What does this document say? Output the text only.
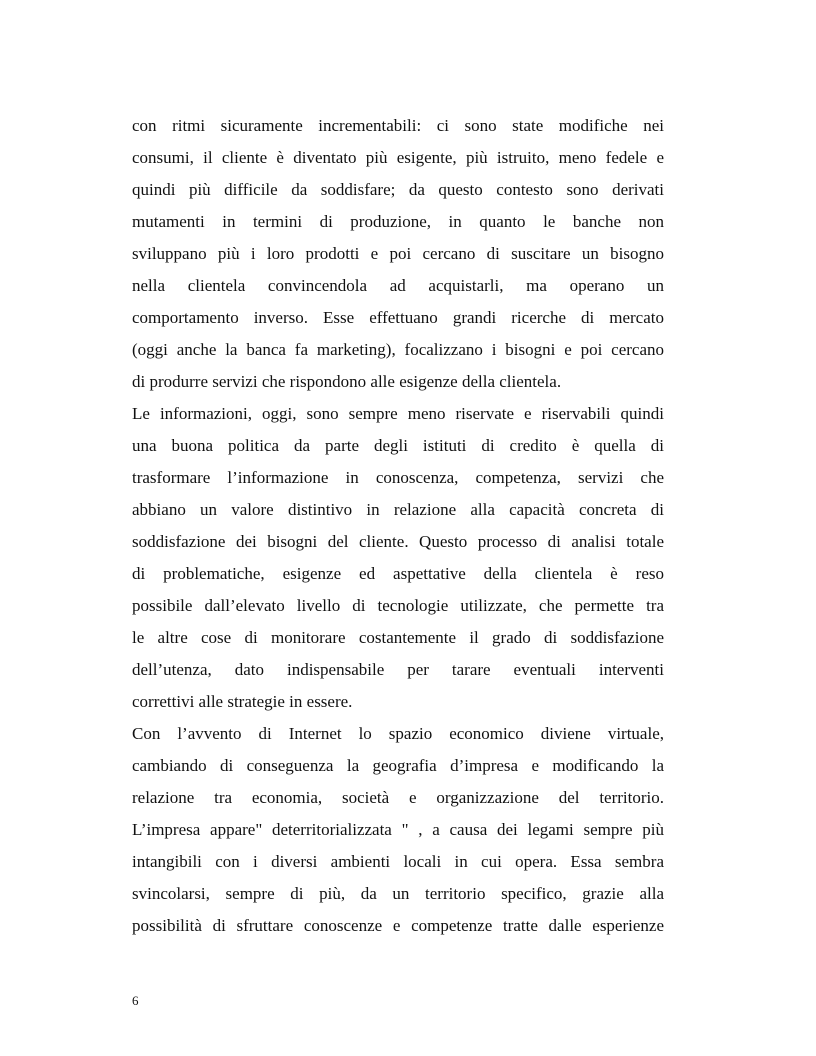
con ritmi sicuramente incrementabili: ci sono state modifiche nei
consumi, il cliente è diventato più esigente, più istruito, meno fedele e
quindi più difficile da soddisfare; da questo contesto sono derivati
mutamenti in termini di produzione, in quanto le banche non
sviluppano più i loro prodotti e poi cercano di suscitare un bisogno
nella clientela convincendola ad acquistarli, ma operano un
comportamento inverso. Esse effettuano grandi ricerche di mercato
(oggi anche la banca fa marketing), focalizzano i bisogni e poi cercano
di produrre servizi che rispondono alle esigenze della clientela.
Le informazioni, oggi, sono sempre meno riservate e riservabili quindi
una buona politica da parte degli istituti di credito è quella di
trasformare l’informazione in conoscenza, competenza, servizi che
abbiano un valore distintivo in relazione alla capacità concreta di
soddisfazione dei bisogni del cliente. Questo processo di analisi totale
di problematiche, esigenze ed aspettative della clientela è reso
possibile dall’elevato livello di tecnologie utilizzate, che permette tra
le altre cose di monitorare costantemente il grado di soddisfazione
dell’utenza, dato indispensabile per tarare eventuali interventi
correttivi alle strategie in essere.
Con l’avvento di Internet lo spazio economico diviene virtuale,
cambiando di conseguenza la geografia d’impresa e modificando la
relazione tra economia, società e organizzazione del territorio.
L’impresa appare" deterritorializzata " , a causa dei legami sempre più
intangibili con i diversi ambienti locali in cui opera. Essa sembra
svincolarsi, sempre di più, da un territorio specifico, grazie alla
possibilità di sfruttare conoscenze e competenze tratte dalle esperienze
6
